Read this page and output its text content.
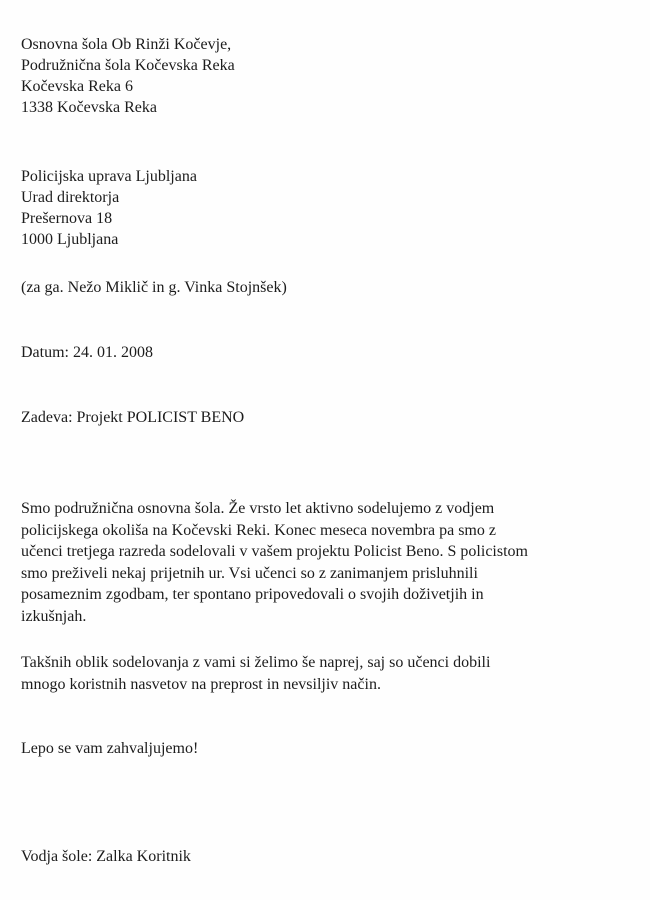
Osnovna šola Ob Rinži Kočevje,
Podružnična šola Kočevska Reka
Kočevska Reka 6
1338 Kočevska Reka
Policijska uprava Ljubljana
Urad direktorja
Prešernova 18
1000 Ljubljana
(za ga. Nežo Miklič in g. Vinka Stojnšek)
Datum: 24. 01. 2008
Zadeva: Projekt POLICIST BENO
Smo podružnična osnovna šola. Že vrsto let aktivno sodelujemo z vodjem
policijskega okoliša na Kočevski Reki. Konec meseca novembra pa smo z
učenci tretjega razreda sodelovali v vašem projektu Policist Beno. S policistom
smo preživeli nekaj prijetnih ur. Vsi učenci so z zanimanjem prisluhnili
posameznim zgodbam, ter spontano pripovedovali o svojih doživetjih in
izkušnjah.
Takšnih oblik sodelovanja z vami si želimo še naprej, saj so učenci dobili
mnogo koristnih nasvetov na preprost in nevsiljiv način.
Lepo se vam zahvaljujemo!
Vodja šole: Zalka Koritnik
